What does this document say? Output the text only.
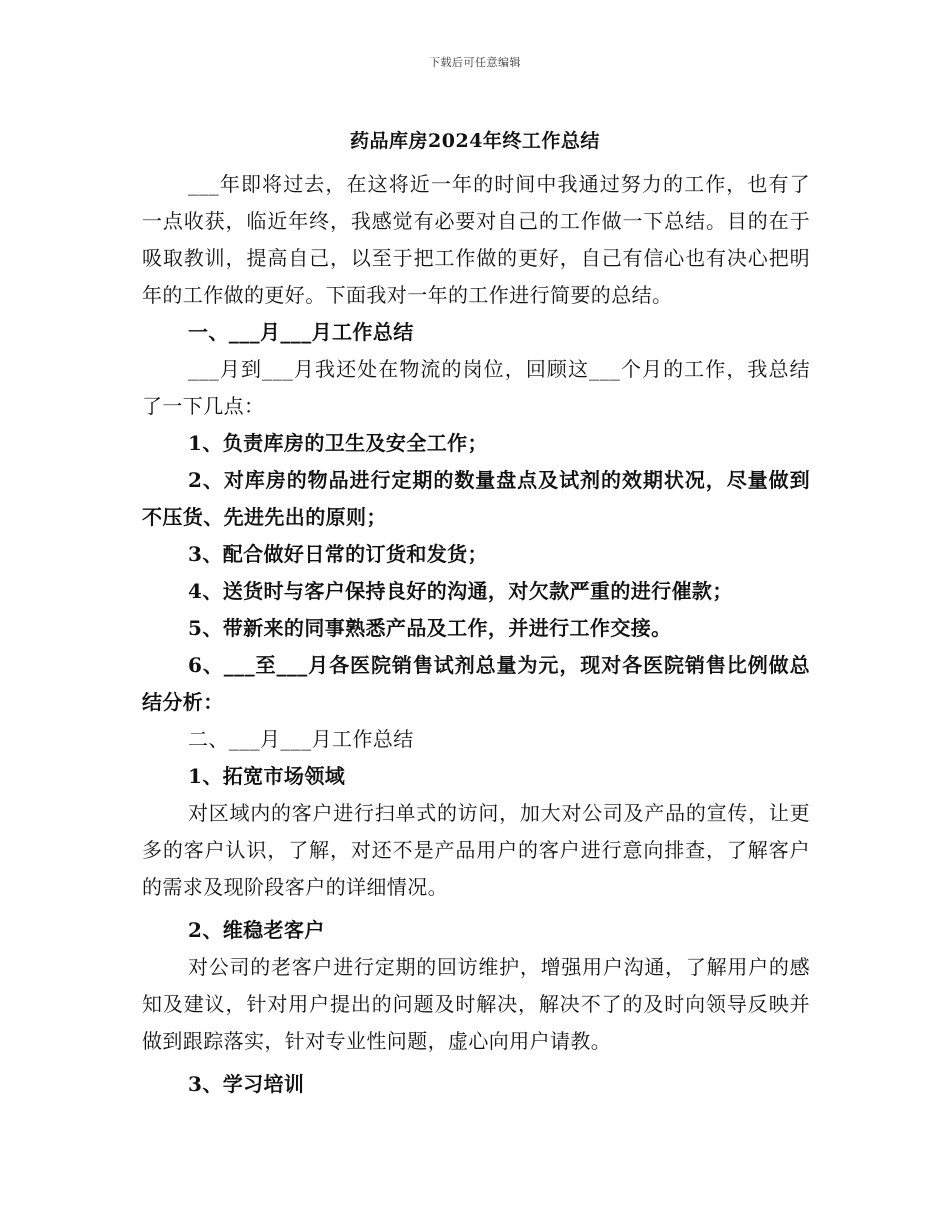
下载后可任意编辑
药品库房2024年终工作总结

___年即将过去，在这将近一年的时间中我通过努力的工作，也有了一点收获，临近年终，我感觉有必要对自己的工作做一下总结。目的在于吸取教训，提高自己，以至于把工作做的更好，自己有信心也有决心把明年的工作做的更好。下面我对一年的工作进行简要的总结。

一、___月___月工作总结

___月到___月我还处在物流的岗位，回顾这___个月的工作，我总结了一下几点：

1、负责库房的卫生及安全工作；

2、对库房的物品进行定期的数量盘点及试剂的效期状况，尽量做到不压货、先进先出的原则；

3、配合做好日常的订货和发货；

4、送货时与客户保持良好的沟通，对欠款严重的进行催款；

5、带新来的同事熟悉产品及工作，并进行工作交接。

6、___至___月各医院销售试剂总量为元，现对各医院销售比例做总结分析：

二、___月___月工作总结

1、拓宽市场领域

对区域内的客户进行扫单式的访问，加大对公司及产品的宣传，让更多的客户认识，了解，对还不是产品用户的客户进行意向排查，了解客户的需求及现阶段客户的详细情况。

2、维稳老客户

对公司的老客户进行定期的回访维护，增强用户沟通，了解用户的感知及建议，针对用户提出的问题及时解决，解决不了的及时向领导反映并做到跟踪落实，针对专业性问题，虚心向用户请教。

3、学习培训
